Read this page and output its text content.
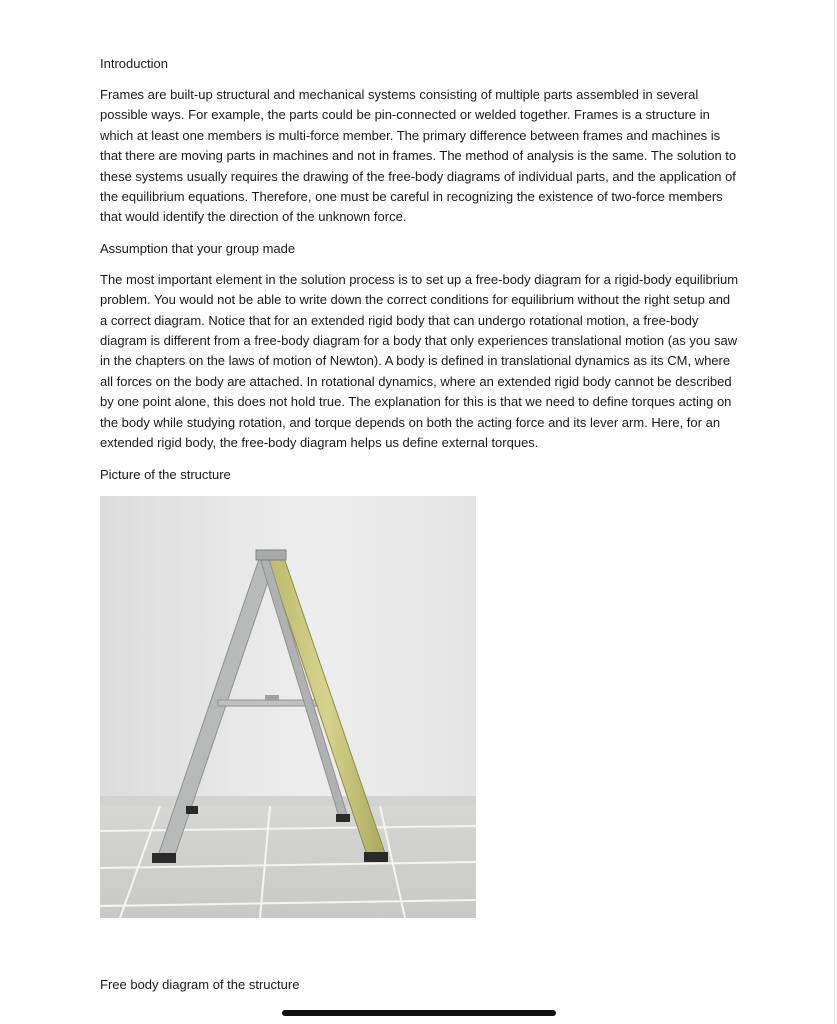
Introduction
Frames are built-up structural and mechanical systems consisting of multiple parts assembled in several possible ways. For example, the parts could be pin-connected or welded together. Frames is a structure in which at least one members is multi-force member. The primary difference between frames and machines is that there are moving parts in machines and not in frames. The method of analysis is the same. The solution to these systems usually requires the drawing of the free-body diagrams of individual parts, and the application of the equilibrium equations. Therefore, one must be careful in recognizing the existence of two-force members that would identify the direction of the unknown force.
Assumption that your group made
The most important element in the solution process is to set up a free-body diagram for a rigid-body equilibrium problem. You would not be able to write down the correct conditions for equilibrium without the right setup and a correct diagram. Notice that for an extended rigid body that can undergo rotational motion, a free-body diagram is different from a free-body diagram for a body that only experiences translational motion (as you saw in the chapters on the laws of motion of Newton). A body is defined in translational dynamics as its CM, where all forces on the body are attached. In rotational dynamics, where an extended rigid body cannot be described by one point alone, this does not hold true. The explanation for this is that we need to define torques acting on the body while studying rotation, and torque depends on both the acting force and its lever arm. Here, for an extended rigid body, the free-body diagram helps us define external torques.
Picture of the structure
Free body diagram of the structure
